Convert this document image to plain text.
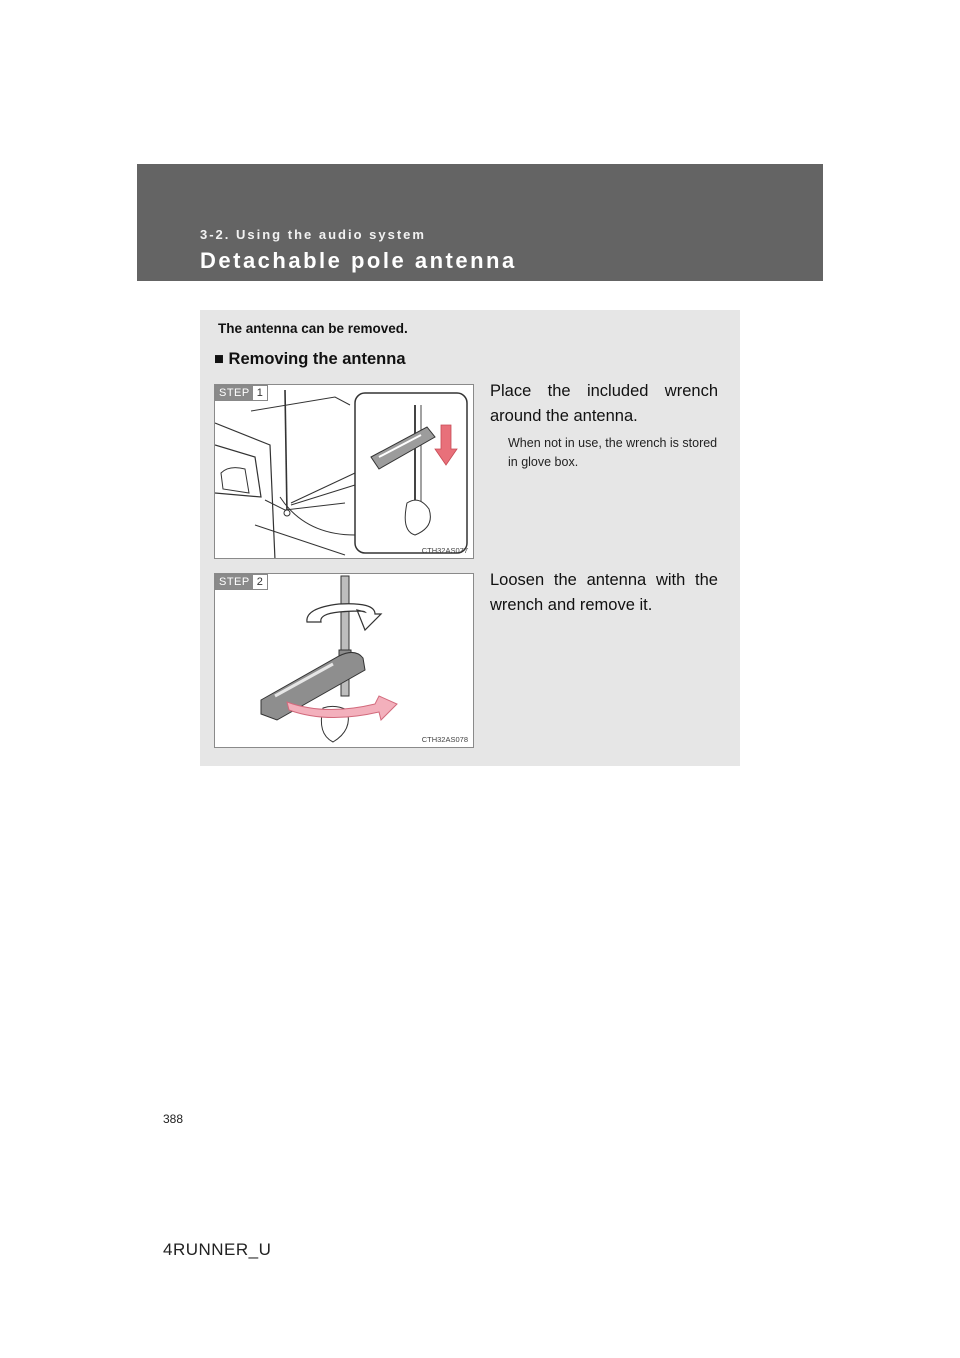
3-2. Using the audio system
Detachable pole antenna
The antenna can be removed.
■ Removing the antenna
STEP 1
CTH32AS077
Place the included wrench around the antenna.
When not in use, the wrench is stored in glove box.
STEP 2
CTH32AS078
Loosen the antenna with the wrench and remove it.
388
4RUNNER_U
